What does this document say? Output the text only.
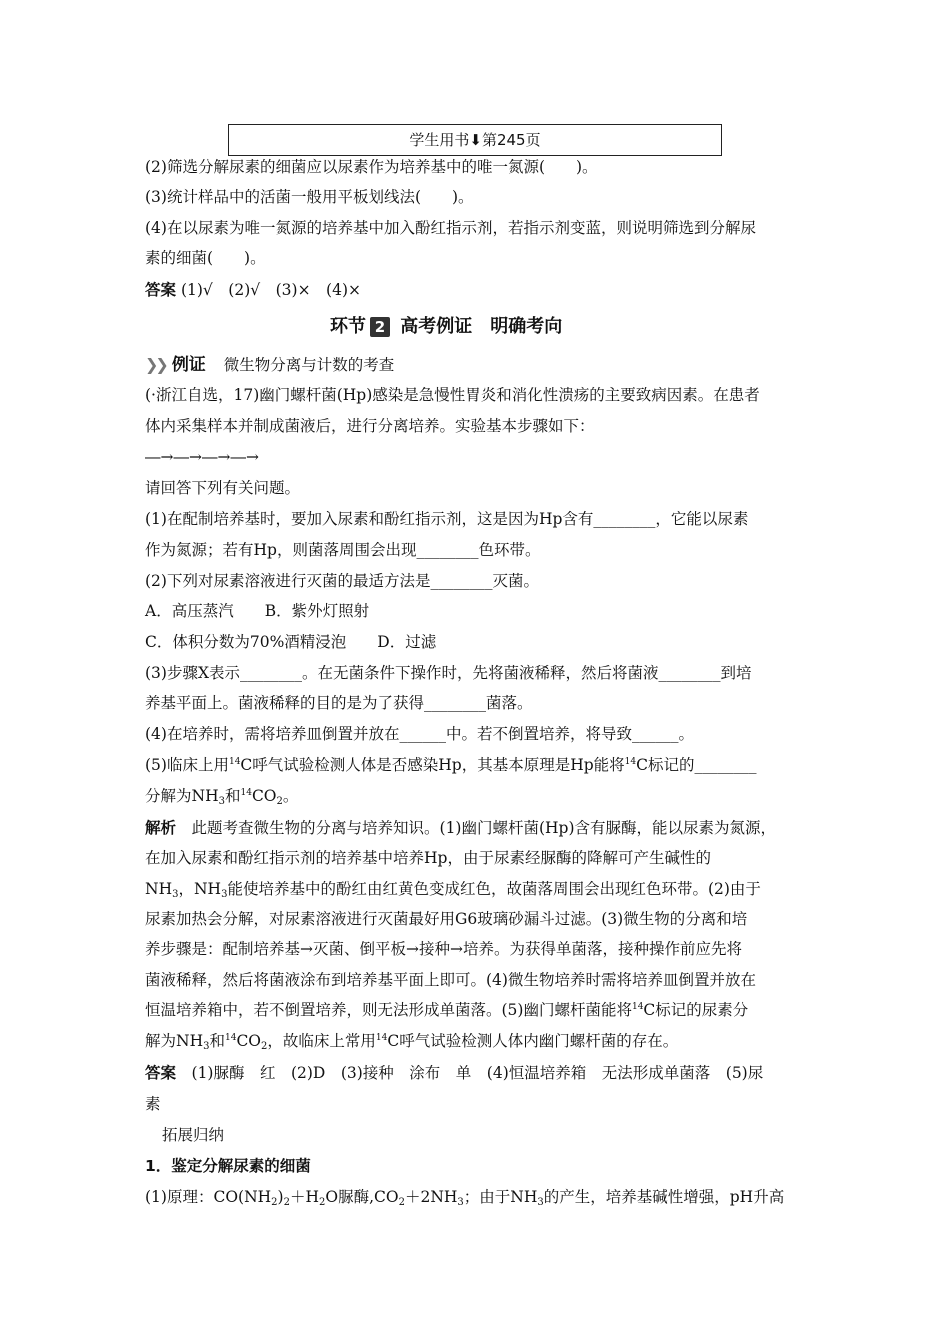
学生用书⬇第245页
(2)筛选分解尿素的细菌应以尿素作为培养基中的唯一氮源(　　)。
(3)统计样品中的活菌一般用平板划线法(　　)。
(4)在以尿素为唯一氮源的培养基中加入酚红指示剂，若指示剂变蓝，则说明筛选到分解尿
素的细菌(　　)。
答案 (1)√　(2)√　(3)×　(4)×
环节 2 高考例证　明确考向
❯❯ 例证 微生物分离与计数的考查
(·浙江自选，17)幽门螺杆菌(Hp)感染是急慢性胃炎和消化性溃疡的主要致病因素。在患者
体内采集样本并制成菌液后，进行分离培养。实验基本步骤如下：
―→―→―→―→
请回答下列有关问题。
(1)在配制培养基时，要加入尿素和酚红指示剂，这是因为Hp含有________，它能以尿素
作为氮源；若有Hp，则菌落周围会出现________色环带。
(2)下列对尿素溶液进行灭菌的最适方法是________灭菌。
A．高压蒸汽　　B．紫外灯照射
C．体积分数为70%酒精浸泡　　D．过滤
(3)步骤X表示________。在无菌条件下操作时，先将菌液稀释，然后将菌液________到培
养基平面上。菌液稀释的目的是为了获得________菌落。
(4)在培养时，需将培养皿倒置并放在______中。若不倒置培养，将导致______。
(5)临床上用$^{14}$C呼气试验检测人体是否感染Hp，其基本原理是Hp能将$^{14}$C标记的________
分解为$NH_3$和$^{14}CO_2$。
解析　此题考查微生物的分离与培养知识。(1)幽门螺杆菌(Hp)含有脲酶，能以尿素为氮源，
在加入尿素和酚红指示剂的培养基中培养Hp，由于尿素经脲酶的降解可产生碱性的
$NH_3$，$NH_3$能使培养基中的酚红由红黄色变成红色，故菌落周围会出现红色环带。(2)由于
尿素加热会分解，对尿素溶液进行灭菌最好用G6玻璃砂漏斗过滤。(3)微生物的分离和培
养步骤是：配制培养基→灭菌、倒平板→接种→培养。为获得单菌落，接种操作前应先将
菌液稀释，然后将菌液涂布到培养基平面上即可。(4)微生物培养时需将培养皿倒置并放在
恒温培养箱中，若不倒置培养，则无法形成单菌落。(5)幽门螺杆菌能将$^{14}$C标记的尿素分
解为$NH_3$和$^{14}CO_2$，故临床上常用$^{14}$C呼气试验检测人体内幽门螺杆菌的存在。
答案　(1)脲酶　红　(2)D　(3)接种　涂布　单　(4)恒温培养箱　无法形成单菌落　(5)尿
素
拓展归纳
1．鉴定分解尿素的细菌
(1)原理：$CO(NH_2)_2+H_2O$脲酶$,CO_2+2NH_3$；由于$NH_3$的产生，培养基碱性增强，pH升高
